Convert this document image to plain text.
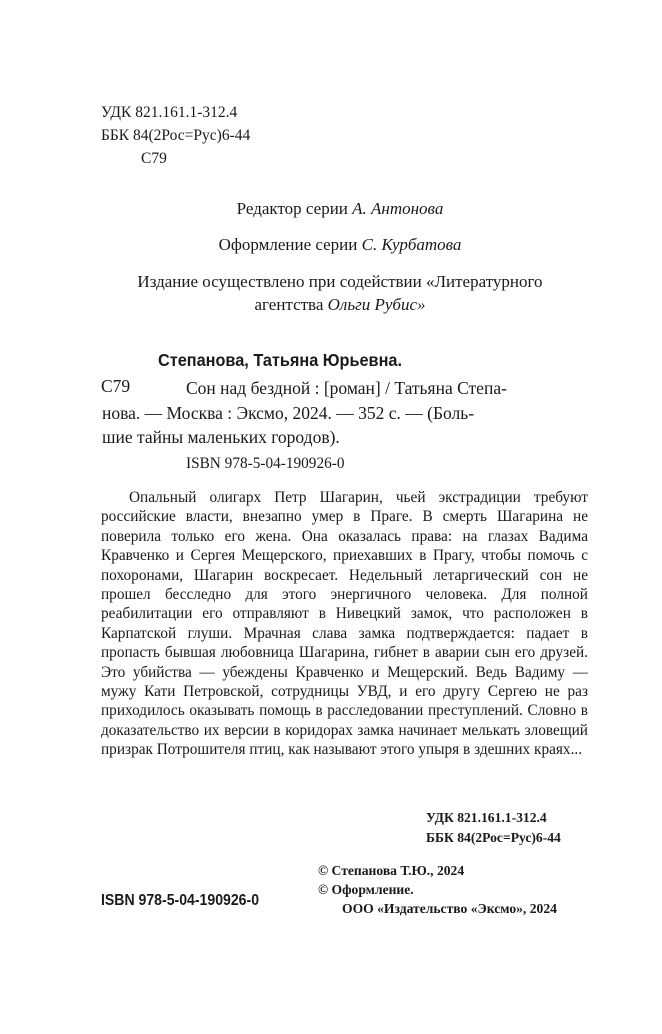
УДК 821.161.1-312.4
ББК 84(2Рос=Рус)6-44
С79
Редактор серии А. Антонова
Оформление серии С. Курбатова
Издание осуществлено при содействии «Литературного
агентства Ольги Рубис»
Степанова, Татьяна Юрьевна.
С79	Сон над бездной : [роман] / Татьяна Степа-
нова. — Москва : Эксмо, 2024. — 352 с. — (Боль-
шие тайны маленьких городов).
ISBN 978-5-04-190926-0
Опальный олигарх Петр Шагарин, чьей экстрадиции требуют российские власти, внезапно умер в Праге. В смерть Шагарина не поверила только его жена. Она оказалась права: на глазах Вадима Кравченко и Сергея Мещерского, приехавших в Прагу, чтобы помочь с похоронами, Шагарин воскресает. Недельный летаргический сон не прошел бесследно для этого энергичного человека. Для полной реабилитации его отправляют в Нивецкий замок, что расположен в Карпатской глуши. Мрачная слава замка подтверждается: падает в пропасть бывшая любовница Шагарина, гибнет в аварии сын его друзей. Это убийства — убеждены Кравченко и Мещерский. Ведь Вадиму — мужу Кати Петровской, сотрудницы УВД, и его другу Сергею не раз приходилось оказывать помощь в расследовании преступлений. Словно в доказательство их версии в коридорах замка начинает мелькать зловещий призрак Потрошителя птиц, как называют этого упыря в здешних краях...
УДК 821.161.1-312.4
ББК 84(2Рос=Рус)6-44
© Степанова Т.Ю., 2024
© Оформление.
ООО «Издательство «Эксмо», 2024
ISBN 978-5-04-190926-0
